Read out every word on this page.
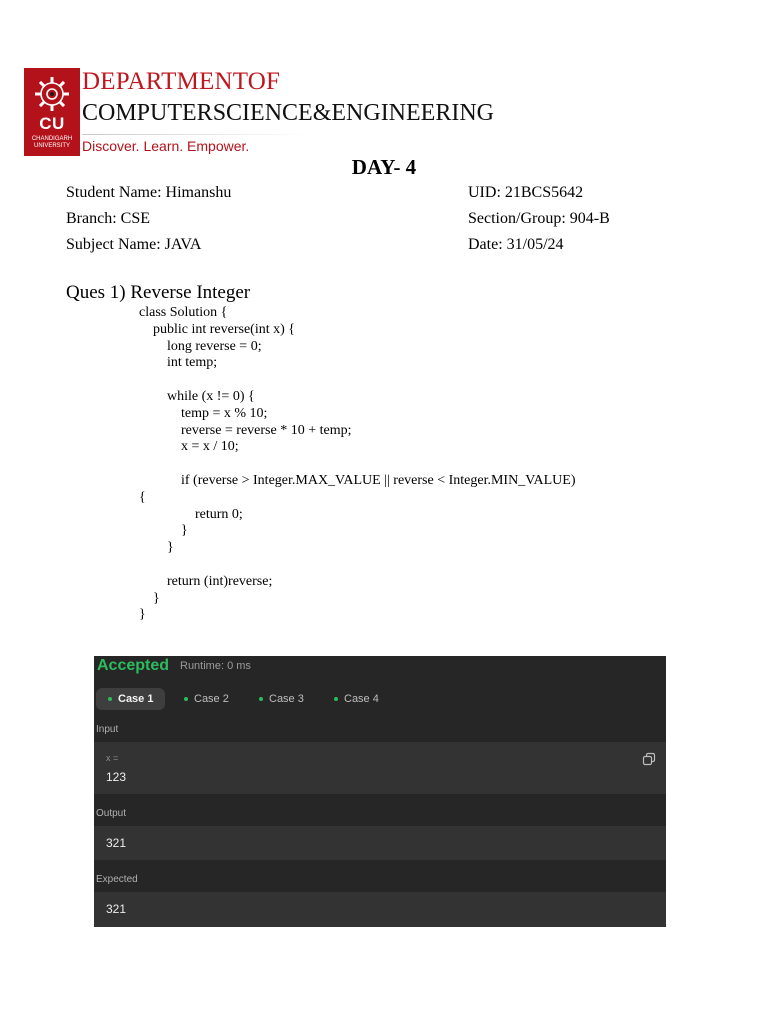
CU
CHANDIGARH UNIVERSITY
DEPARTMENTOF
COMPUTERSCIENCE&ENGINEERING
Discover. Learn. Empower.
DAY- 4
Student Name: Himanshu	UID: 21BCS5642
Branch: CSE	Section/Group: 904-B
Subject Name: JAVA	Date: 31/05/24
Ques 1) Reverse Integer
class Solution {
public int reverse(int x) {
long reverse = 0;
int temp;

while (x != 0) {
temp = x % 10;
reverse = reverse * 10 + temp;
x = x / 10;

if (reverse > Integer.MAX_VALUE || reverse < Integer.MIN_VALUE)
{
return 0;
}
}

return (int)reverse;
}
}
Accepted Runtime: 0 ms
Case 1	Case 2	Case 3	Case 4
Input
x =
123
Output
321
Expected
321
